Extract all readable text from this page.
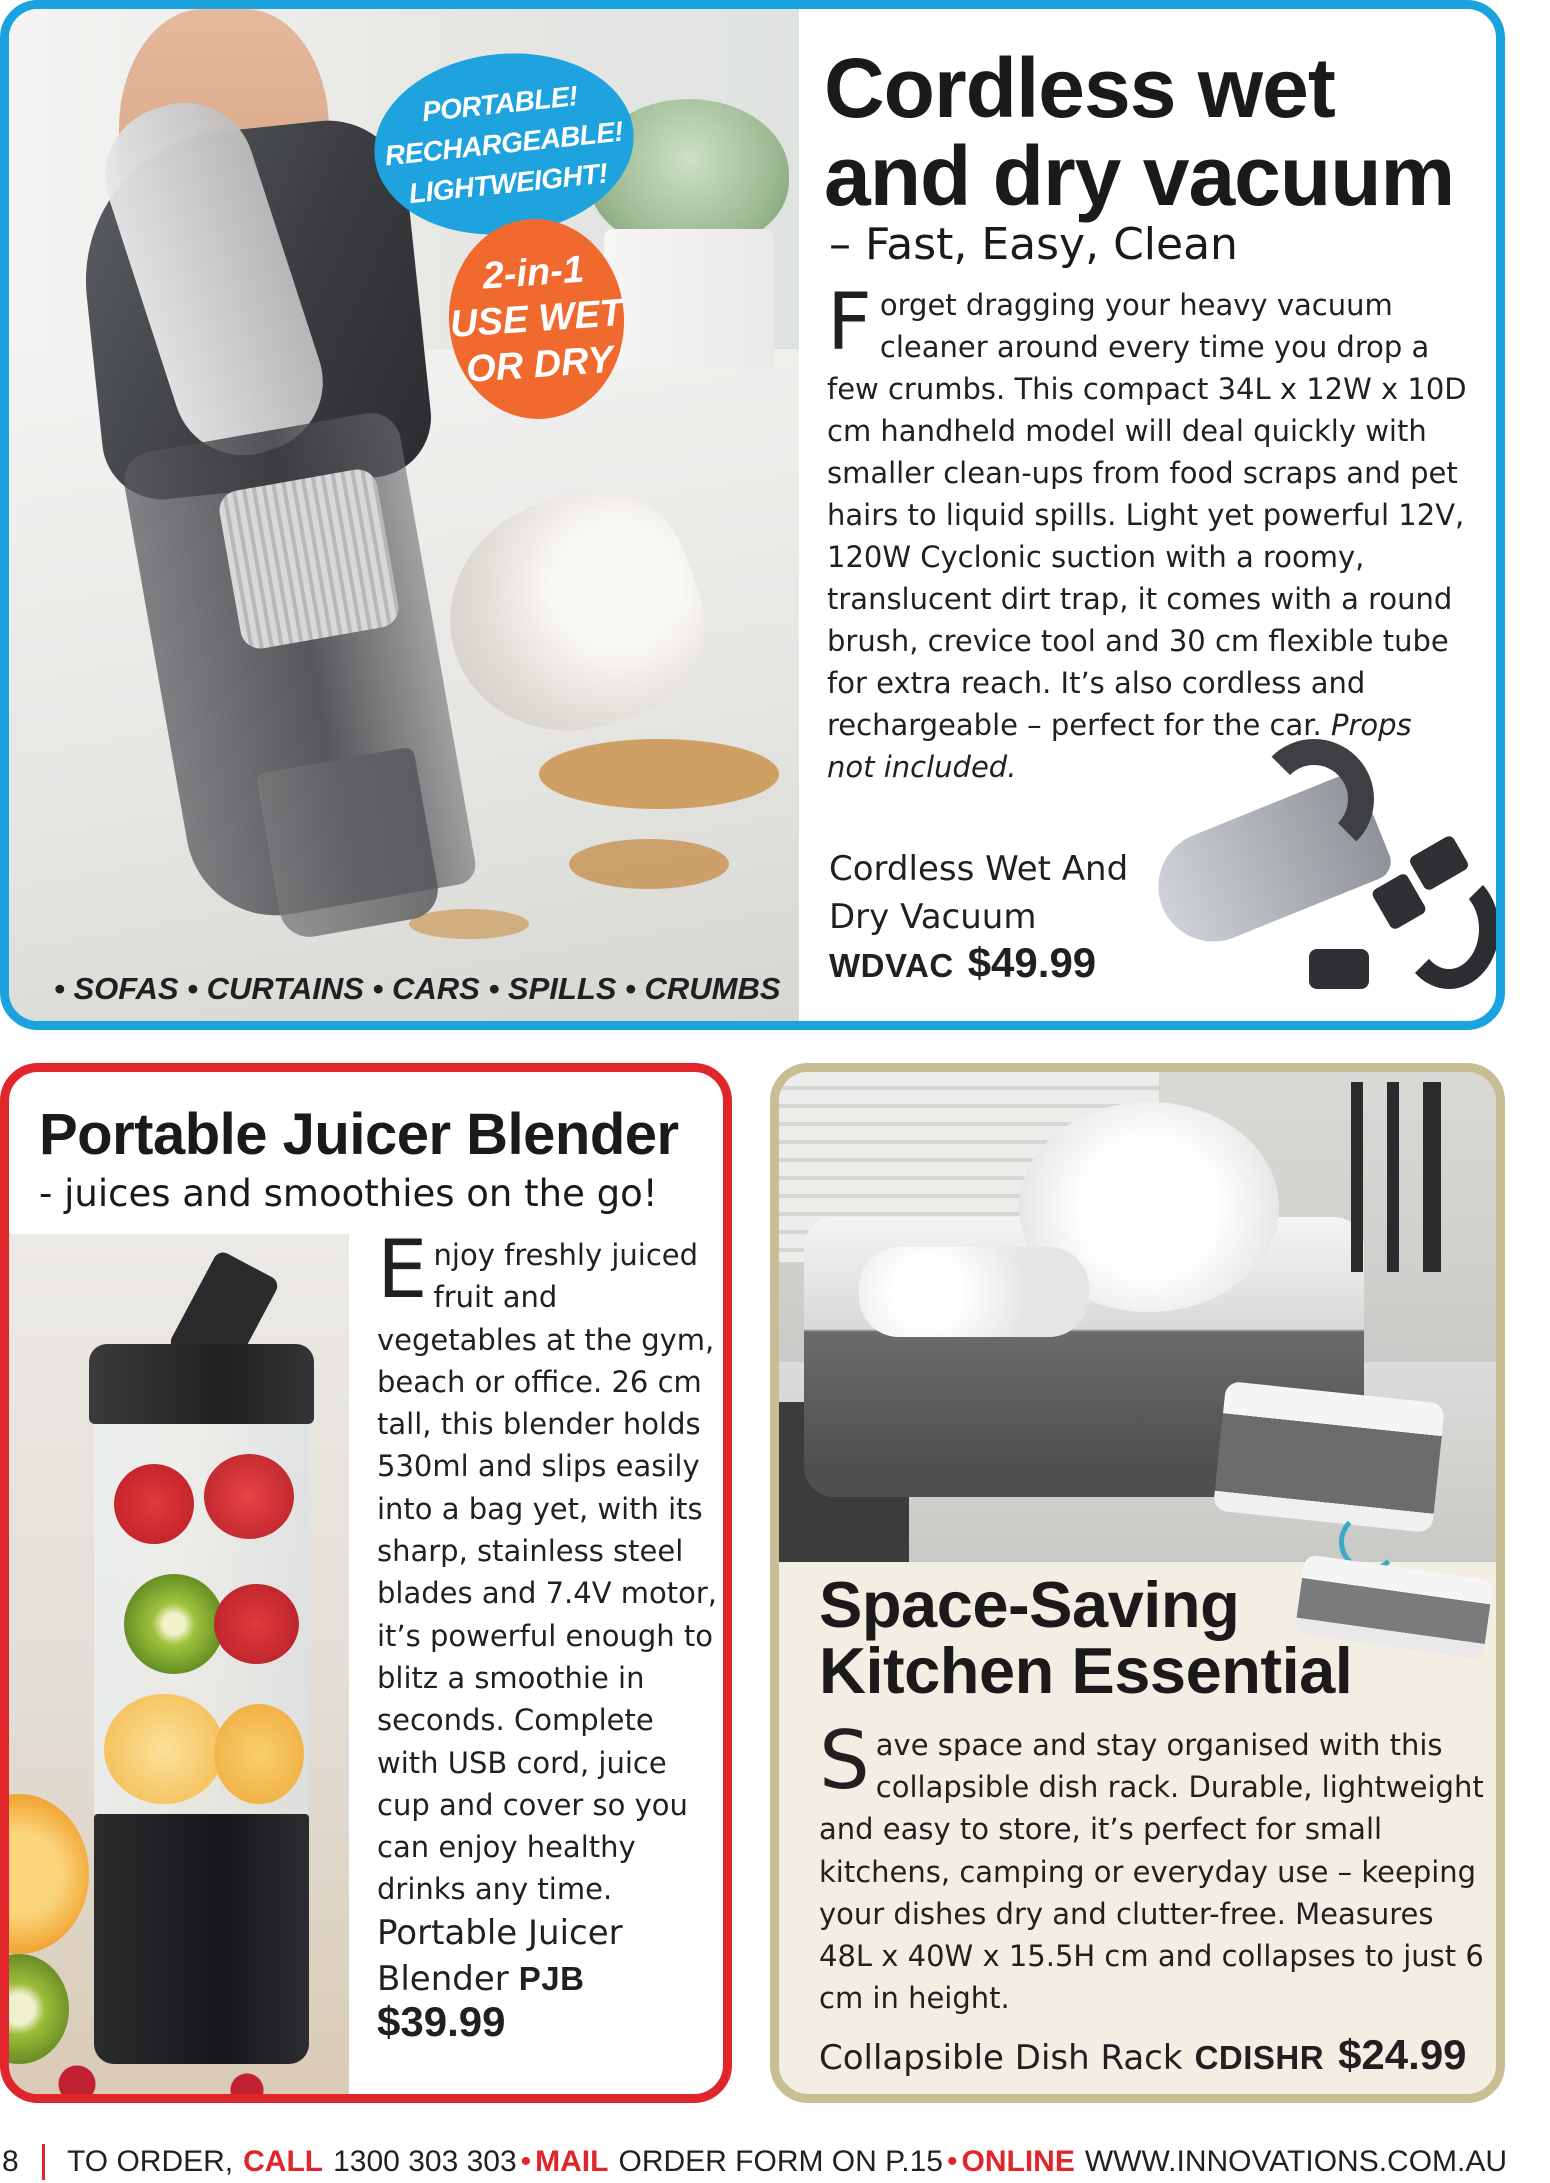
PORTABLE!
RECHARGEABLE!
LIGHTWEIGHT!
2-in-1
USE WET
OR DRY
• SOFAS • CURTAINS • CARS • SPILLS • CRUMBS
Cordless wet
and dry vacuum
– Fast, Easy, Clean

Forget dragging your heavy vacuum cleaner around every time you drop a few crumbs. This compact 34L x 12W x 10D cm handheld model will deal quickly with smaller clean-ups from food scraps and pet hairs to liquid spills. Light yet powerful 12V, 120W Cyclonic suction with a roomy, translucent dirt trap, it comes with a round brush, crevice tool and 30 cm flexible tube for extra reach. It’s also cordless and rechargeable – perfect for the car. Props not included.

Cordless Wet And
Dry Vacuum
WDVAC $49.99
Portable Juicer Blender
- juices and smoothies on the go!

Enjoy freshly juiced fruit and vegetables at the gym, beach or office. 26 cm tall, this blender holds 530ml and slips easily into a bag yet, with its sharp, stainless steel blades and 7.4V motor, it’s powerful enough to blitz a smoothie in seconds. Complete with USB cord, juice cup and cover so you can enjoy healthy drinks any time.

Portable Juicer
Blender PJB
$39.99
Space-Saving
Kitchen Essential

Save space and stay organised with this collapsible dish rack. Durable, lightweight and easy to store, it’s perfect for small kitchens, camping or everyday use – keeping your dishes dry and clutter-free. Measures 48L x 40W x 15.5H cm and collapses to just 6 cm in height.

Collapsible Dish Rack CDISHR $24.99
8	TO ORDER, CALL 1300 303 303 • MAIL ORDER FORM ON P.15 • ONLINE WWW.INNOVATIONS.COM.AU
